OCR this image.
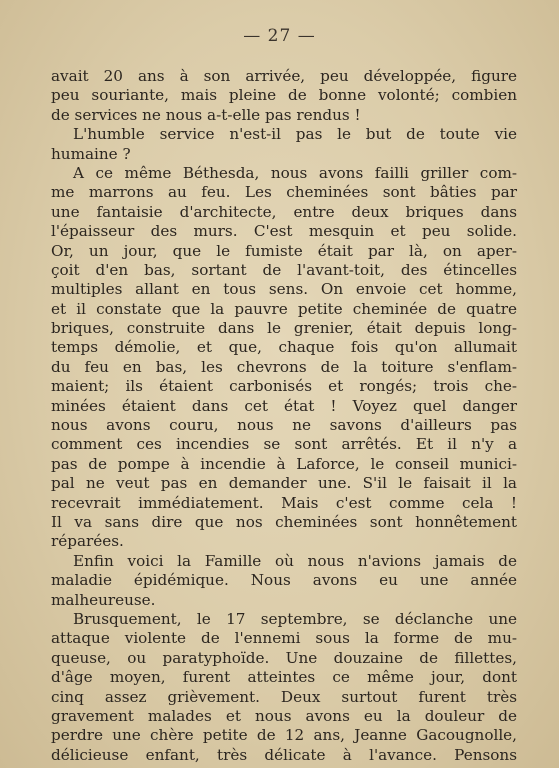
— 27 —
avait 20 ans à son arrivée, peu développée, figure
peu souriante, mais pleine de bonne volonté; combien
de services ne nous a-t-elle pas rendus !
L'humble service n'est-il pas le but de toute vie
humaine ?
A ce même Béthesda, nous avons failli griller com-
me marrons au feu. Les cheminées sont bâties par
une fantaisie d'architecte, entre deux briques dans
l'épaisseur des murs. C'est mesquin et peu solide.
Or, un jour, que le fumiste était par là, on aper-
çoit d'en bas, sortant de l'avant-toit, des étincelles
multiples allant en tous sens. On envoie cet homme,
et il constate que la pauvre petite cheminée de quatre
briques, construite dans le grenier, était depuis long-
temps démolie, et que, chaque fois qu'on allumait
du feu en bas, les chevrons de la toiture s'enflam-
maient; ils étaient carbonisés et rongés; trois che-
minées étaient dans cet état ! Voyez quel danger
nous avons couru, nous ne savons d'ailleurs pas
comment ces incendies se sont arrêtés. Et il n'y a
pas de pompe à incendie à Laforce, le conseil munici-
pal ne veut pas en demander une. S'il le faisait il la
recevrait immédiatement. Mais c'est comme cela !
Il va sans dire que nos cheminées sont honnêtement
réparées.
Enfin voici la Famille où nous n'avions jamais de
maladie épidémique. Nous avons eu une année
malheureuse.
Brusquement, le 17 septembre, se déclanche une
attaque violente de l'ennemi sous la forme de mu-
queuse, ou paratyphoïde. Une douzaine de fillettes,
d'âge moyen, furent atteintes ce même jour, dont
cinq assez grièvement. Deux surtout furent très
gravement malades et nous avons eu la douleur de
perdre une chère petite de 12 ans, Jeanne Gacougnolle,
délicieuse enfant, très délicate à l'avance. Pensons
